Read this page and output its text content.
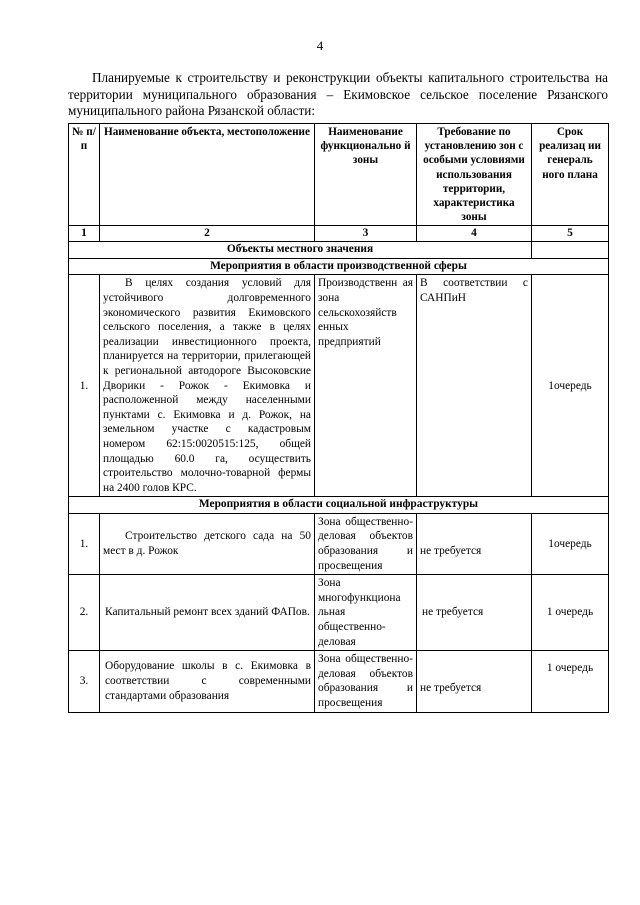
4

Планируемые к строительству и реконструкции объекты капитального строительства на территории муниципального образования – Екимовское сельское поселение Рязанского муниципального района Рязанской области:

№ п/п	Наименование объекта, местоположение	Наименование функционально й зоны	Требование по установлению зон с особыми условиями использования территории, характеристика зоны	Срок реализац ии генераль ного плана
1	2	3	4	5
Объекты местного значения				
Мероприятия в области производственной сферы				
1.	В целях создания условий для устойчивого долговременного экономического развития Екимовского сельского поселения, а также в целях реализации инвестиционного проекта, планируется на территории, прилегающей к региональной автодороге Высоковские Дворики - Рожок - Екимовка и расположенной между населенными пунктами с. Екимовка и д. Рожок, на земельном участке с кадастровым номером 62:15:0020515:125, общей площадью 60.0 га, осуществить строительство молочно-товарной фермы на 2400 голов КРС.	Производственн ая зона сельскохозяйств енных предприятий	В соответствии с САНПиН	1очередь
Мероприятия в области социальной инфраструктуры				
1.	Строительство детского сада на 50 мест в д. Рожок	Зона общественно-деловая объектов образования и просвещения	не требуется	1очередь
2.	Капитальный ремонт всех зданий ФАПов.	Зона многофункциона льная общественно-деловая	не требуется	1 очередь
3.	Оборудование школы в с. Екимовка в соответствии с современными стандартами образования	Зона общественно-деловая объектов образования и просвещения	не требуется	1 очередь
